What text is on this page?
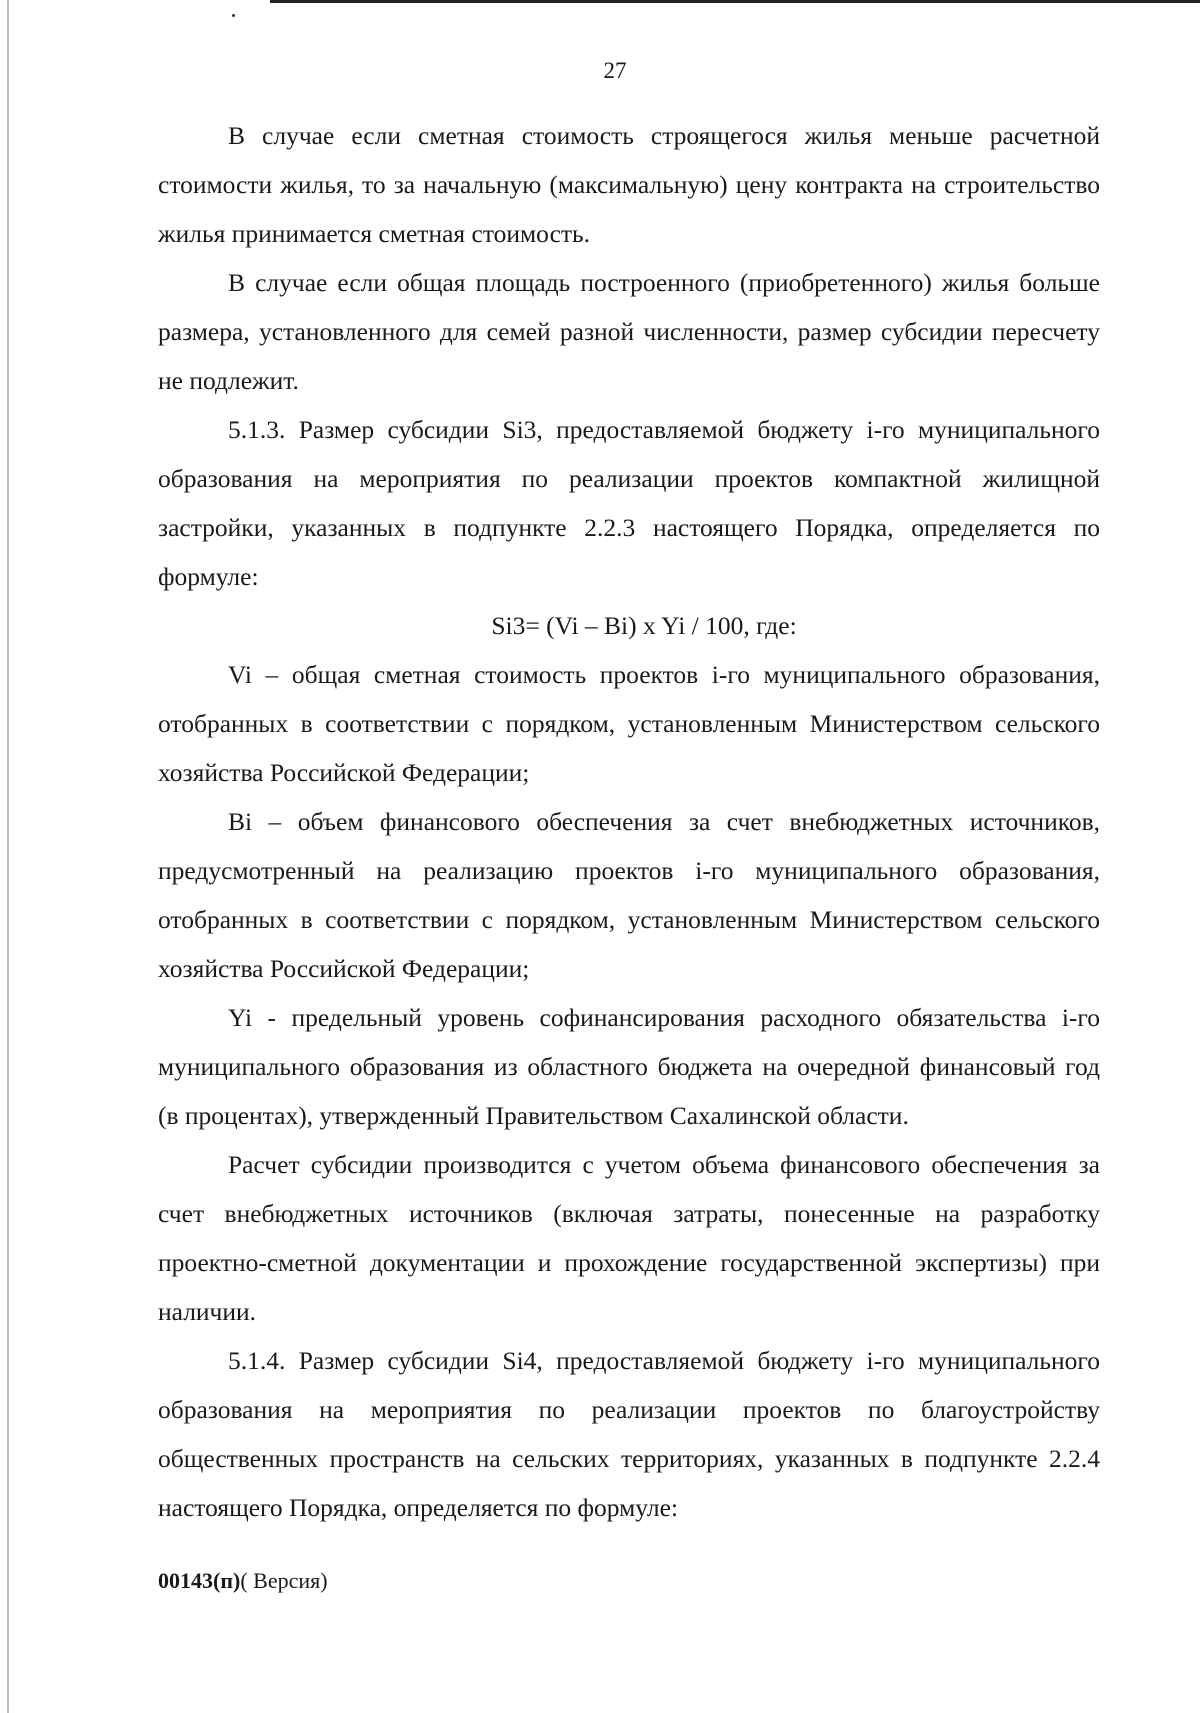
27

В случае если сметная стоимость строящегося жилья меньше расчетной стоимости жилья, то за начальную (максимальную) цену контракта на строительство жилья принимается сметная стоимость.

В случае если общая площадь построенного (приобретенного) жилья больше размера, установленного для семей разной численности, размер субсидии пересчету не подлежит.

5.1.3. Размер субсидии Si3, предоставляемой бюджету i-го муниципального образования на мероприятия по реализации проектов компактной жилищной застройки, указанных в подпункте 2.2.3 настоящего Порядка, определяется по формуле:

Si3= (Vi – Bi) x Yi / 100, где:

Vi – общая сметная стоимость проектов i-го муниципального образования, отобранных в соответствии с порядком, установленным Министерством сельского хозяйства Российской Федерации;

Bi – объем финансового обеспечения за счет внебюджетных источников, предусмотренный на реализацию проектов i-го муниципального образования, отобранных в соответствии с порядком, установленным Министерством сельского хозяйства Российской Федерации;

Yi - предельный уровень софинансирования расходного обязательства i-го муниципального образования из областного бюджета на очередной финансовый год (в процентах), утвержденный Правительством Сахалинской области.

Расчет субсидии производится с учетом объема финансового обеспечения за счет внебюджетных источников (включая затраты, понесенные на разработку проектно-сметной документации и прохождение государственной экспертизы) при наличии.

5.1.4. Размер субсидии Si4, предоставляемой бюджету i-го муниципального образования на мероприятия по реализации проектов по благоустройству общественных пространств на сельских территориях, указанных в подпункте 2.2.4 настоящего Порядка, определяется по формуле:

00143(п)( Версия)
